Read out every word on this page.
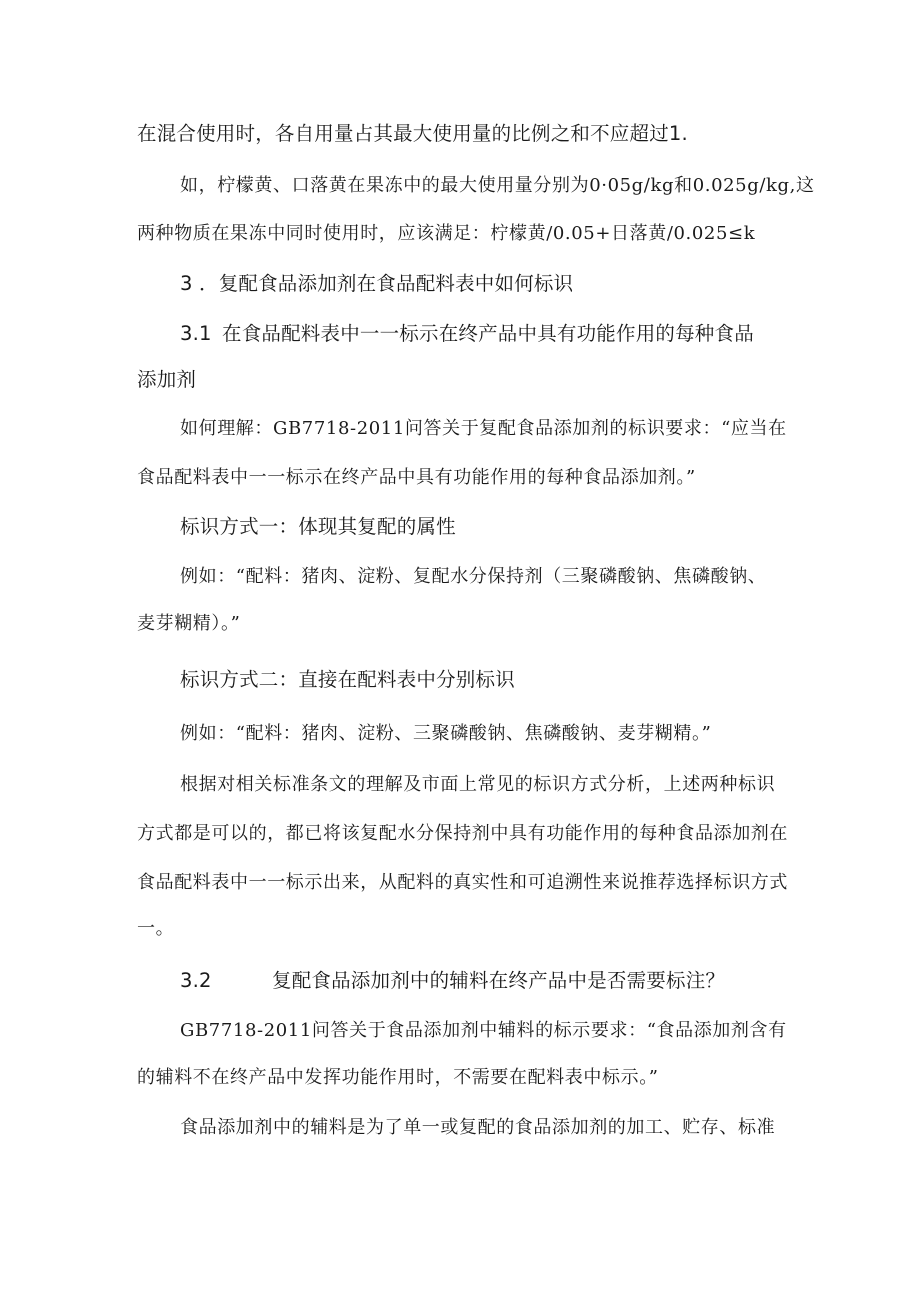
在混合使用时，各自用量占其最大使用量的比例之和不应超过1.

如，柠檬黄、口落黄在果冻中的最大使用量分别为0·05g∕kg和0.025g∕kg,这

两种物质在果冻中同时使用时，应该满足：柠檬黄/0.05+日落黄/0.025≤k

3 ．复配食品添加剂在食品配料表中如何标识

3.1 在食品配料表中一一标示在终产品中具有功能作用的每种食品

添加剂

如何理解：GB7718-2011问答关于复配食品添加剂的标识要求：“应当在

食品配料表中一一标示在终产品中具有功能作用的每种食品添加剂。”

标识方式一：体现其复配的属性

例如：“配料：猪肉、淀粉、复配水分保持剂（三聚磷酸钠、焦磷酸钠、

麦芽糊精）。”

标识方式二：直接在配料表中分别标识

例如：“配料：猪肉、淀粉、三聚磷酸钠、焦磷酸钠、麦芽糊精。”

根据对相关标准条文的理解及市面上常见的标识方式分析，上述两种标识

方式都是可以的，都已将该复配水分保持剂中具有功能作用的每种食品添加剂在

食品配料表中一一标示出来，从配料的真实性和可追溯性来说推荐选择标识方式

一。

3.2	复配食品添加剂中的辅料在终产品中是否需要标注？

GB7718-2011问答关于食品添加剂中辅料的标示要求：“食品添加剂含有

的辅料不在终产品中发挥功能作用时，不需要在配料表中标示。”

食品添加剂中的辅料是为了单一或复配的食品添加剂的加工、贮存、标准
